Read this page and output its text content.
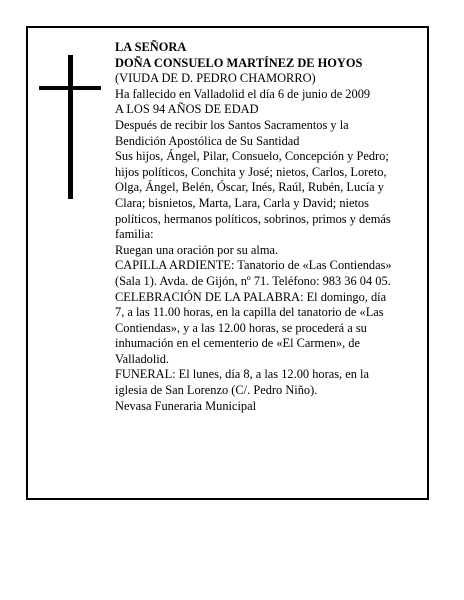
LA SEÑORA
DOÑA CONSUELO MARTÍNEZ DE HOYOS
(VIUDA DE D. PEDRO CHAMORRO)
Ha fallecido en Valladolid el día 6 de junio de 2009
A LOS 94 AÑOS DE EDAD
Después de recibir los Santos Sacramentos y la
Bendición Apostólica de Su Santidad
Sus hijos, Ángel, Pilar, Consuelo, Concepción y Pedro;
hijos políticos, Conchita y José; nietos, Carlos, Loreto,
Olga, Ángel, Belén, Óscar, Inés, Raúl, Rubén, Lucía y
Clara; bisnietos, Marta, Lara, Carla y David; nietos
políticos, hermanos políticos, sobrinos, primos y demás
familia:
Ruegan una oración por su alma.
CAPILLA ARDIENTE: Tanatorio de «Las Contiendas»
(Sala 1). Avda. de Gijón, nº 71. Teléfono: 983 36 04 05.
CELEBRACIÓN DE LA PALABRA: El domingo, día
7, a las 11.00 horas, en la capilla del tanatorio de «Las
Contiendas», y a las 12.00 horas, se procederá a su
inhumación en el cementerio de «El Carmen», de
Valladolid.
FUNERAL: El lunes, día 8, a las 12.00 horas, en la
iglesia de San Lorenzo (C/. Pedro Niño).
Nevasa Funeraria Municipal
